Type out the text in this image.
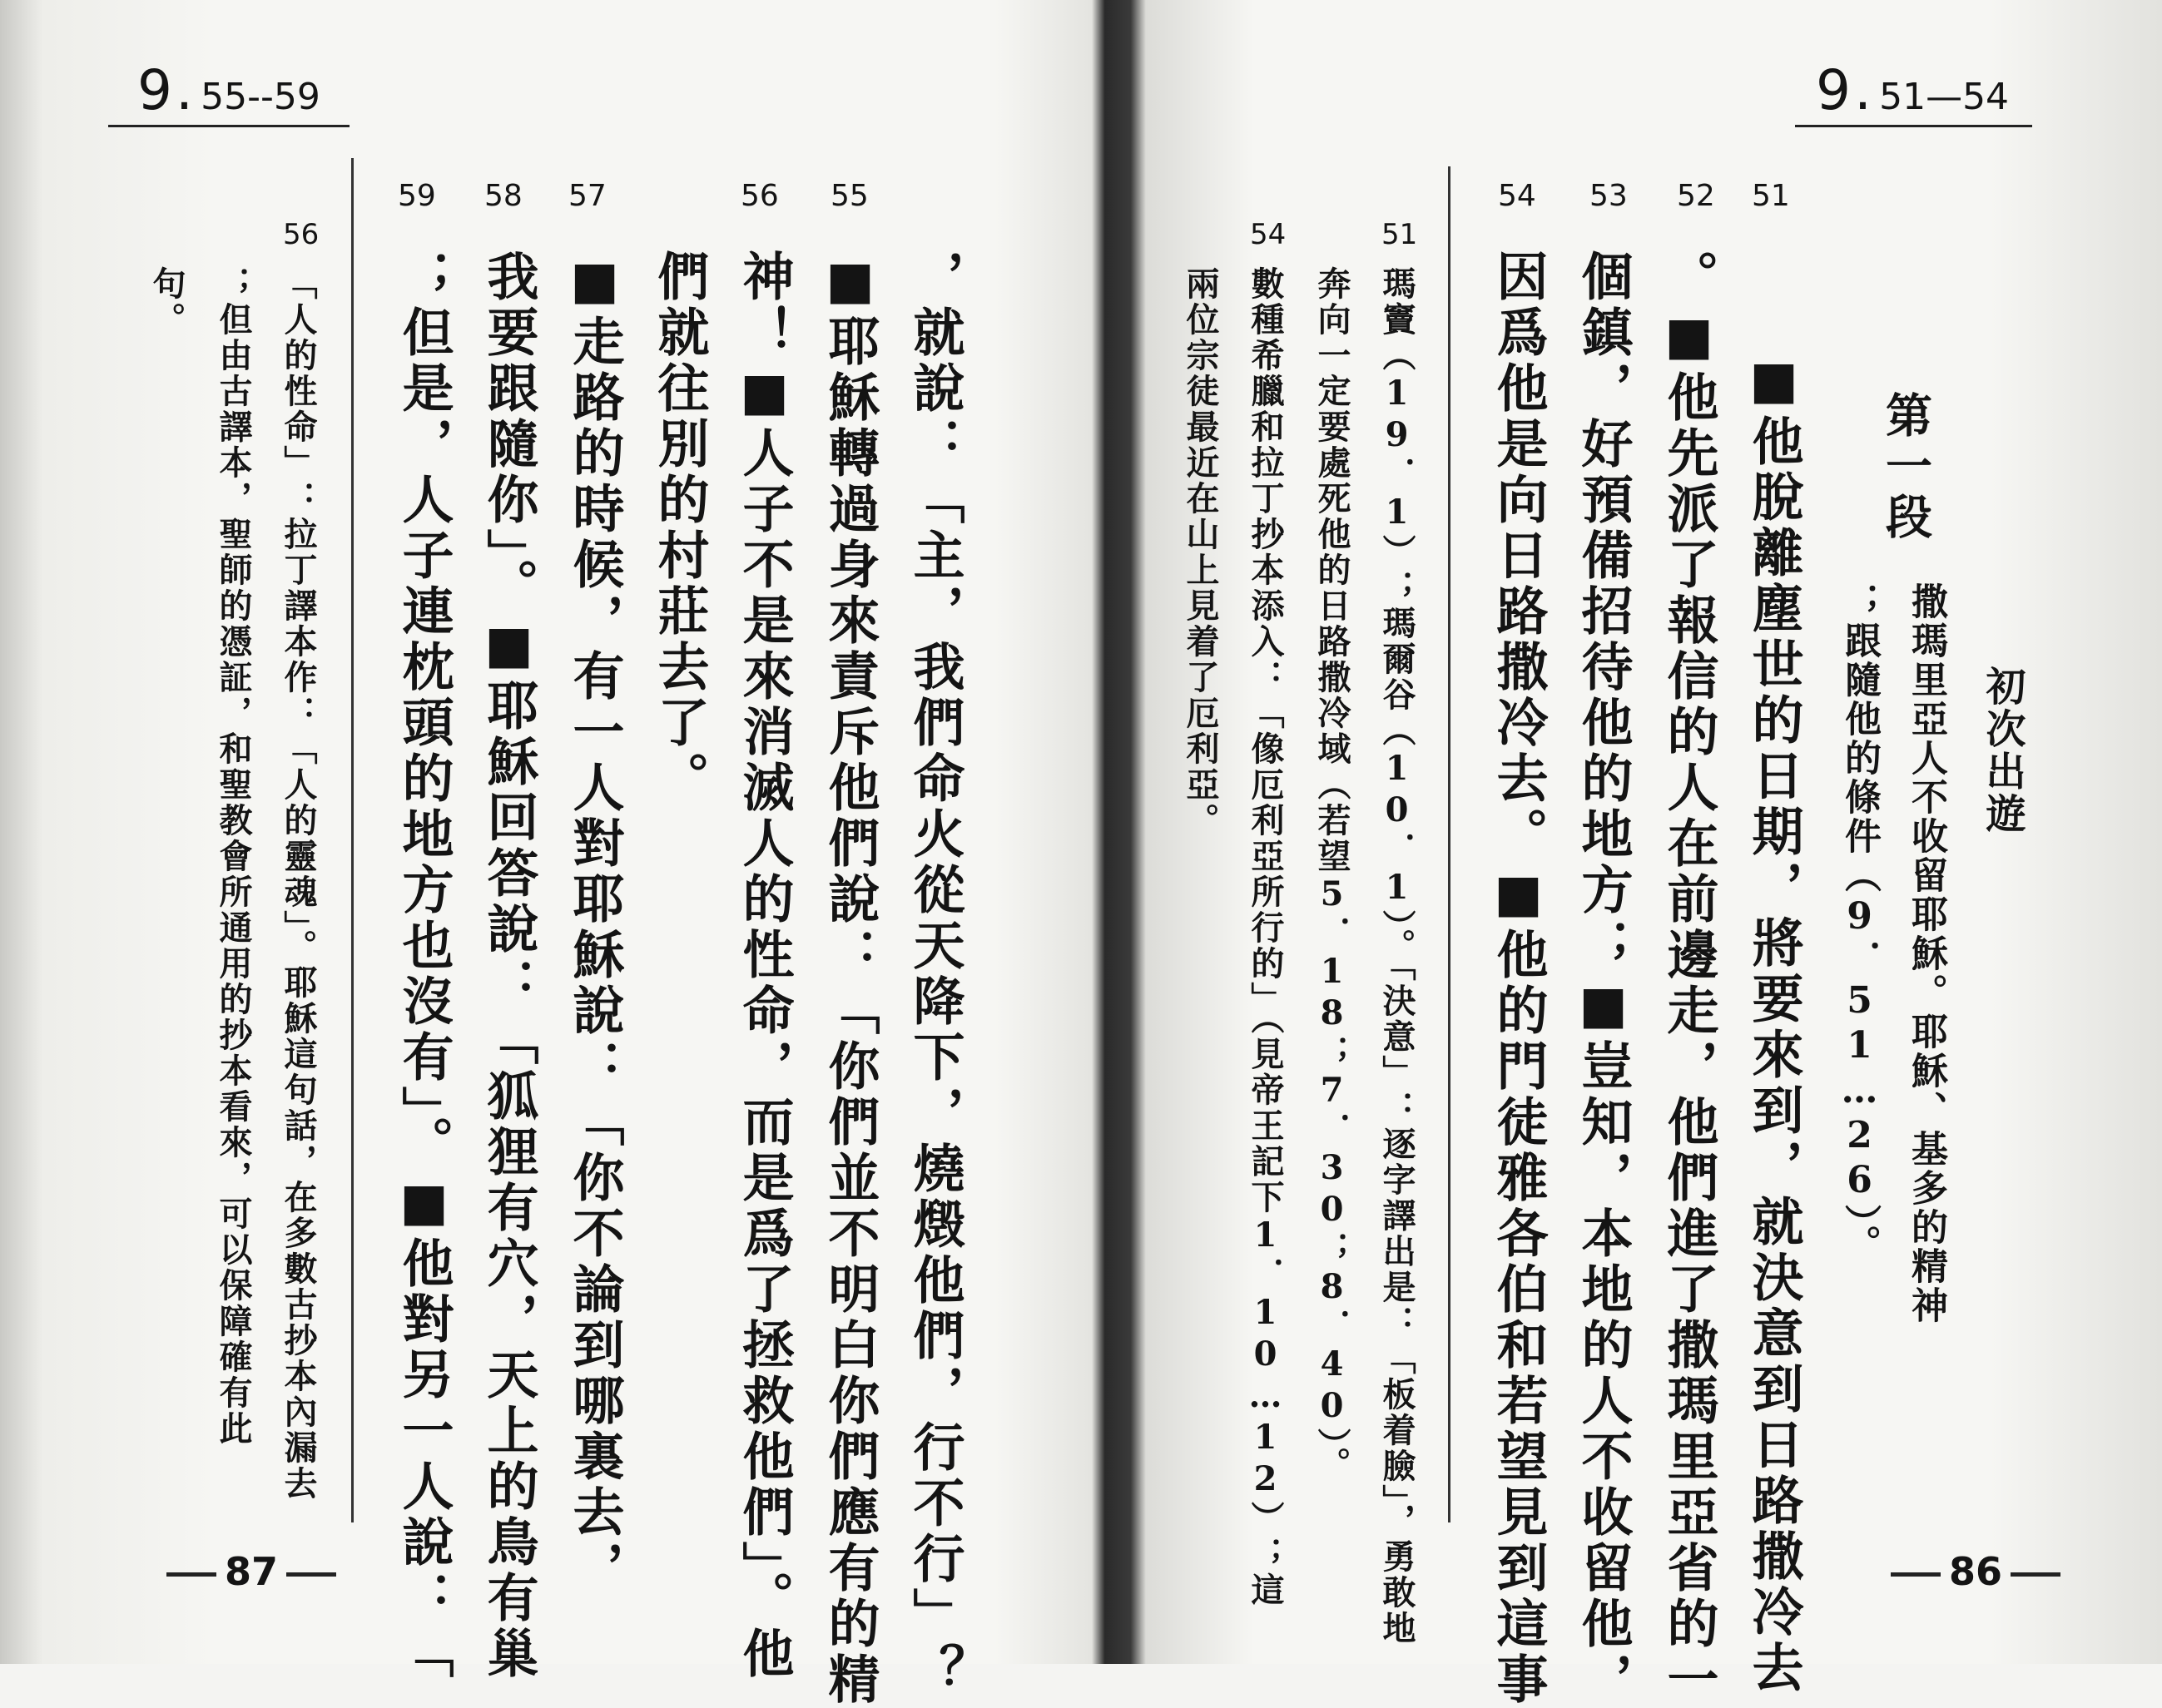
9. 55--59
59 58 57	56 55
，就說：「主，我們命火從天降下，燒燬他們，行不行」？
■耶穌轉過身來責斥他們說：「你們並不明白你們應有的精
神！■人子不是來消滅人的性命，而是爲了拯救他們」。他
們就往別的村莊去了。
■走路的時候，有一人對耶穌說：「你不論到哪裏去，
我要跟隨你」。■耶穌回答說：「狐狸有穴，天上的鳥有巢
；但是，人子連枕頭的地方也沒有」。■他對另一人說：「
56
「人的性命」：拉丁譯本作：「人的靈魂」。耶穌這句話，在多數古抄本內漏去
；但由古譯本，聖師的憑証，和聖教會所通用的抄本看來，可以保障確有此
句。
87
9. 51—54
初次出遊
第一段
撒瑪里亞人不收留耶穌。耶穌、基多的精神
；跟隨他的條件（9．51…26）。
54 53 52 51
■他脫離塵世的日期，將要來到，就決意到日路撒冷去
。■他先派了報信的人在前邊走，他們進了撒瑪里亞省的一
個鎮，好預備招待他的地方；■豈知，本地的人不收留他，
因爲他是向日路撒冷去。■他的門徒雅各伯和若望見到這事
51
瑪竇（19．1）；瑪爾谷（10．1）。「決意」：逐字譯出是：「板着臉」，勇敢地
奔向一定要處死他的日路撒冷域（若望5．18；7．30；8．40）。
54
數種希臘和拉丁抄本添入：「像厄利亞所行的」（見帝王記下1．10…12）；這
兩位宗徒最近在山上見着了厄利亞。
86
